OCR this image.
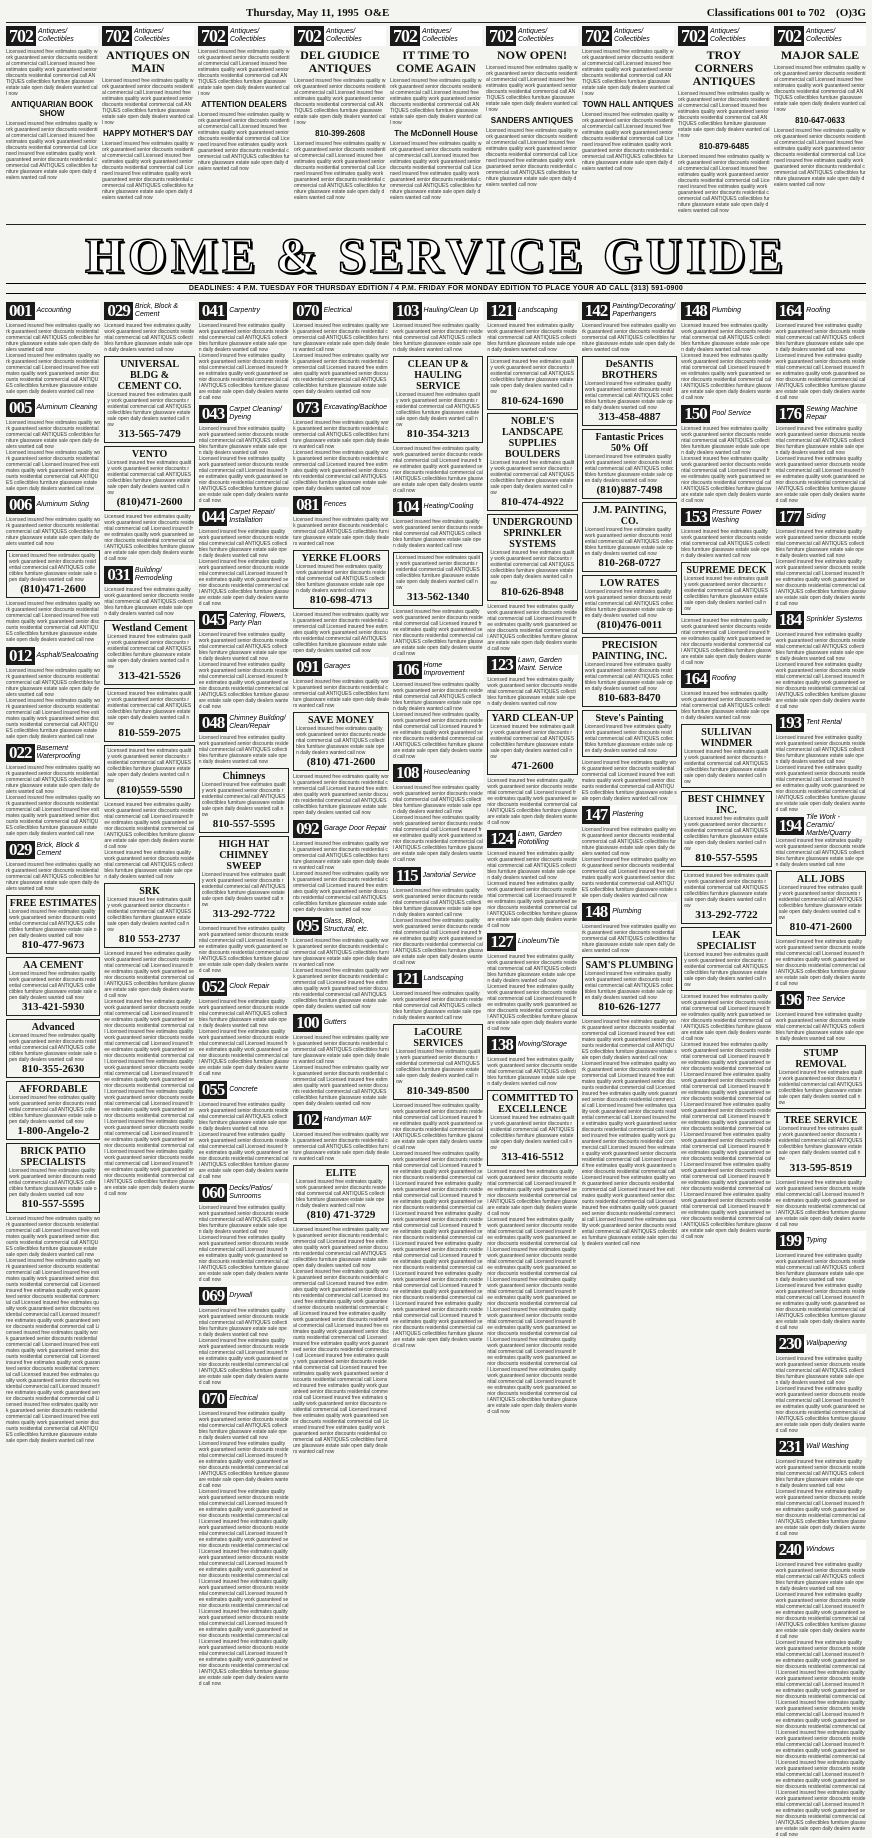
Thursday, May 11, 1995 O&E	Classifications 001 to 702 (O)3G
702 Antiques/ Collectibles
Licensed insured free estimates quality work guaranteed senior discounts residential commercial call Licensed insured free estimates quality work guaranteed senior discounts residential commercial call ANTIQUES collectibles furniture glassware estate sale open daily dealers wanted call now
ANTIQUARIAN BOOK SHOW
Licensed insured free estimates quality work guaranteed senior discounts residential commercial call Licensed insured free estimates quality work guaranteed senior discounts residential commercial call Licensed insured free estimates quality work guaranteed senior discounts residential commercial call ANTIQUES collectibles furniture glassware estate sale open daily dealers wanted call now
702 Antiques/ Collectibles
ANTIQUES ON MAIN
Licensed insured free estimates quality work guaranteed senior discounts residential commercial call Licensed insured free estimates quality work guaranteed senior discounts residential commercial call ANTIQUES collectibles furniture glassware estate sale open daily dealers wanted call now
HAPPY MOTHER'S DAY
Licensed insured free estimates quality work guaranteed senior discounts residential commercial call Licensed insured free estimates quality work guaranteed senior discounts residential commercial call Licensed insured free estimates quality work guaranteed senior discounts residential commercial call ANTIQUES collectibles furniture glassware estate sale open daily dealers wanted call now
702 Antiques/ Collectibles
Licensed insured free estimates quality work guaranteed senior discounts residential commercial call Licensed insured free estimates quality work guaranteed senior discounts residential commercial call ANTIQUES collectibles furniture glassware estate sale open daily dealers wanted call now
ATTENTION DEALERS
Licensed insured free estimates quality work guaranteed senior discounts residential commercial call Licensed insured free estimates quality work guaranteed senior discounts residential commercial call Licensed insured free estimates quality work guaranteed senior discounts residential commercial call ANTIQUES collectibles furniture glassware estate sale open daily dealers wanted call now
702 Antiques/ Collectibles
DEL GIUDICE ANTIQUES
Licensed insured free estimates quality work guaranteed senior discounts residential commercial call Licensed insured free estimates quality work guaranteed senior discounts residential commercial call ANTIQUES collectibles furniture glassware estate sale open daily dealers wanted call now
810-399-2608
Licensed insured free estimates quality work guaranteed senior discounts residential commercial call Licensed insured free estimates quality work guaranteed senior discounts residential commercial call Licensed insured free estimates quality work guaranteed senior discounts residential commercial call ANTIQUES collectibles furniture glassware estate sale open daily dealers wanted call now
702 Antiques/ Collectibles
IT TIME TO COME AGAIN
Licensed insured free estimates quality work guaranteed senior discounts residential commercial call Licensed insured free estimates quality work guaranteed senior discounts residential commercial call ANTIQUES collectibles furniture glassware estate sale open daily dealers wanted call now
The McDonnell House
Licensed insured free estimates quality work guaranteed senior discounts residential commercial call Licensed insured free estimates quality work guaranteed senior discounts residential commercial call Licensed insured free estimates quality work guaranteed senior discounts residential commercial call ANTIQUES collectibles furniture glassware estate sale open daily dealers wanted call now
702 Antiques/ Collectibles
NOW OPEN!
Licensed insured free estimates quality work guaranteed senior discounts residential commercial call Licensed insured free estimates quality work guaranteed senior discounts residential commercial call ANTIQUES collectibles furniture glassware estate sale open daily dealers wanted call now
SANDERS ANTIQUES
Licensed insured free estimates quality work guaranteed senior discounts residential commercial call Licensed insured free estimates quality work guaranteed senior discounts residential commercial call Licensed insured free estimates quality work guaranteed senior discounts residential commercial call ANTIQUES collectibles furniture glassware estate sale open daily dealers wanted call now
702 Antiques/ Collectibles
Licensed insured free estimates quality work guaranteed senior discounts residential commercial call Licensed insured free estimates quality work guaranteed senior discounts residential commercial call ANTIQUES collectibles furniture glassware estate sale open daily dealers wanted call now
TOWN HALL ANTIQUES
Licensed insured free estimates quality work guaranteed senior discounts residential commercial call Licensed insured free estimates quality work guaranteed senior discounts residential commercial call Licensed insured free estimates quality work guaranteed senior discounts residential commercial call ANTIQUES collectibles furniture glassware estate sale open daily dealers wanted call now
702 Antiques/ Collectibles
TROY CORNERS ANTIQUES
Licensed insured free estimates quality work guaranteed senior discounts residential commercial call Licensed insured free estimates quality work guaranteed senior discounts residential commercial call ANTIQUES collectibles furniture glassware estate sale open daily dealers wanted call now
810-879-6485
Licensed insured free estimates quality work guaranteed senior discounts residential commercial call Licensed insured free estimates quality work guaranteed senior discounts residential commercial call Licensed insured free estimates quality work guaranteed senior discounts residential commercial call ANTIQUES collectibles furniture glassware estate sale open daily dealers wanted call now
702 Antiques/ Collectibles
MAJOR SALE
Licensed insured free estimates quality work guaranteed senior discounts residential commercial call Licensed insured free estimates quality work guaranteed senior discounts residential commercial call ANTIQUES collectibles furniture glassware estate sale open daily dealers wanted call now
810-647-0633
Licensed insured free estimates quality work guaranteed senior discounts residential commercial call Licensed insured free estimates quality work guaranteed senior discounts residential commercial call Licensed insured free estimates quality work guaranteed senior discounts residential commercial call ANTIQUES collectibles furniture glassware estate sale open daily dealers wanted call now
HOME & SERVICE GUIDE
DEADLINES: 4 P.M. TUESDAY FOR THURSDAY EDITION / 4 P.M. FRIDAY FOR MONDAY EDITION TO PLACE YOUR AD CALL (313) 591-0900
001 Accounting
Licensed insured free estimates quality work guaranteed senior discounts residential commercial call ANTIQUES collectibles furniture glassware estate sale open daily dealers wanted call now
Licensed insured free estimates quality work guaranteed senior discounts residential commercial call Licensed insured free estimates quality work guaranteed senior discounts residential commercial call ANTIQUES collectibles furniture glassware estate sale open daily dealers wanted call now
005 Aluminum Cleaning
Licensed insured free estimates quality work guaranteed senior discounts residential commercial call ANTIQUES collectibles furniture glassware estate sale open daily dealers wanted call now
Licensed insured free estimates quality work guaranteed senior discounts residential commercial call Licensed insured free estimates quality work guaranteed senior discounts residential commercial call ANTIQUES collectibles furniture glassware estate sale open daily dealers wanted call now
006 Aluminum Siding
Licensed insured free estimates quality work guaranteed senior discounts residential commercial call ANTIQUES collectibles furniture glassware estate sale open daily dealers wanted call now
Licensed insured free estimates quality work guaranteed senior discounts residential commercial call ANTIQUES collectibles furniture glassware estate sale open daily dealers wanted call now
(810)471-2600
Licensed insured free estimates quality work guaranteed senior discounts residential commercial call Licensed insured free estimates quality work guaranteed senior discounts residential commercial call ANTIQUES collectibles furniture glassware estate sale open daily dealers wanted call now
012 Asphalt/Sealcoating
Licensed insured free estimates quality work guaranteed senior discounts residential commercial call ANTIQUES collectibles furniture glassware estate sale open daily dealers wanted call now
Licensed insured free estimates quality work guaranteed senior discounts residential commercial call Licensed insured free estimates quality work guaranteed senior discounts residential commercial call ANTIQUES collectibles furniture glassware estate sale open daily dealers wanted call now
022 Basement Waterproofing
Licensed insured free estimates quality work guaranteed senior discounts residential commercial call ANTIQUES collectibles furniture glassware estate sale open daily dealers wanted call now
Licensed insured free estimates quality work guaranteed senior discounts residential commercial call Licensed insured free estimates quality work guaranteed senior discounts residential commercial call ANTIQUES collectibles furniture glassware estate sale open daily dealers wanted call now
029 Brick, Block & Cement
Licensed insured free estimates quality work guaranteed senior discounts residential commercial call ANTIQUES collectibles furniture glassware estate sale open daily dealers wanted call now
FREE ESTIMATES
Licensed insured free estimates quality work guaranteed senior discounts residential commercial call ANTIQUES collectibles furniture glassware estate sale open daily dealers wanted call now
810-477-9673
AA CEMENT
Licensed insured free estimates quality work guaranteed senior discounts residential commercial call ANTIQUES collectibles furniture glassware estate sale open daily dealers wanted call now
313-421-5930
Advanced
Licensed insured free estimates quality work guaranteed senior discounts residential commercial call ANTIQUES collectibles furniture glassware estate sale open daily dealers wanted call now
810-355-2630
AFFORDABLE
Licensed insured free estimates quality work guaranteed senior discounts residential commercial call ANTIQUES collectibles furniture glassware estate sale open daily dealers wanted call now
1-800-Angelo-2
BRICK PATIO SPECIALISTS
Licensed insured free estimates quality work guaranteed senior discounts residential commercial call ANTIQUES collectibles furniture glassware estate sale open daily dealers wanted call now
810-557-5595
Licensed insured free estimates quality work guaranteed senior discounts residential commercial call Licensed insured free estimates quality work guaranteed senior discounts residential commercial call ANTIQUES collectibles furniture glassware estate sale open daily dealers wanted call now
Licensed insured free estimates quality work guaranteed senior discounts residential commercial call Licensed insured free estimates quality work guaranteed senior discounts residential commercial call Licensed insured free estimates quality work guaranteed senior discounts residential commercial call Licensed insured free estimates quality work guaranteed senior discounts residential commercial call Licensed insured free estimates quality work guaranteed senior discounts residential commercial call Licensed insured free estimates quality work guaranteed senior discounts residential commercial call Licensed insured free estimates quality work guaranteed senior discounts residential commercial call Licensed insured free estimates quality work guaranteed senior discounts residential commercial call Licensed insured free estimates quality work guaranteed senior discounts residential commercial call Licensed insured free estimates quality work guaranteed senior discounts residential commercial call Licensed insured free estimates quality work guaranteed senior discounts residential commercial call Licensed insured free estimates quality work guaranteed senior discounts residential commercial call ANTIQUES collectibles furniture glassware estate sale open daily dealers wanted call now
029 Brick, Block & Cement
Licensed insured free estimates quality work guaranteed senior discounts residential commercial call ANTIQUES collectibles furniture glassware estate sale open daily dealers wanted call now
UNIVERSAL BLDG & CEMENT CO.
Licensed insured free estimates quality work guaranteed senior discounts residential commercial call ANTIQUES collectibles furniture glassware estate sale open daily dealers wanted call now
313-565-7479
VENTO
Licensed insured free estimates quality work guaranteed senior discounts residential commercial call ANTIQUES collectibles furniture glassware estate sale open daily dealers wanted call now
(810)471-2600
Licensed insured free estimates quality work guaranteed senior discounts residential commercial call Licensed insured free estimates quality work guaranteed senior discounts residential commercial call ANTIQUES collectibles furniture glassware estate sale open daily dealers wanted call now
031 Building/ Remodeling
Licensed insured free estimates quality work guaranteed senior discounts residential commercial call ANTIQUES collectibles furniture glassware estate sale open daily dealers wanted call now
Westland Cement
Licensed insured free estimates quality work guaranteed senior discounts residential commercial call ANTIQUES collectibles furniture glassware estate sale open daily dealers wanted call now
313-421-5526
Licensed insured free estimates quality work guaranteed senior discounts residential commercial call ANTIQUES collectibles furniture glassware estate sale open daily dealers wanted call now
810-559-2075
Licensed insured free estimates quality work guaranteed senior discounts residential commercial call ANTIQUES collectibles furniture glassware estate sale open daily dealers wanted call now
(810)559-5590
Licensed insured free estimates quality work guaranteed senior discounts residential commercial call Licensed insured free estimates quality work guaranteed senior discounts residential commercial call ANTIQUES collectibles furniture glassware estate sale open daily dealers wanted call now
Licensed insured free estimates quality work guaranteed senior discounts residential commercial call ANTIQUES collectibles furniture glassware estate sale open daily dealers wanted call now
SRK
Licensed insured free estimates quality work guaranteed senior discounts residential commercial call ANTIQUES collectibles furniture glassware estate sale open daily dealers wanted call now
810 553-2737
Licensed insured free estimates quality work guaranteed senior discounts residential commercial call Licensed insured free estimates quality work guaranteed senior discounts residential commercial call ANTIQUES collectibles furniture glassware estate sale open daily dealers wanted call now
Licensed insured free estimates quality work guaranteed senior discounts residential commercial call Licensed insured free estimates quality work guaranteed senior discounts residential commercial call Licensed insured free estimates quality work guaranteed senior discounts residential commercial call Licensed insured free estimates quality work guaranteed senior discounts residential commercial call Licensed insured free estimates quality work guaranteed senior discounts residential commercial call Licensed insured free estimates quality work guaranteed senior discounts residential commercial call Licensed insured free estimates quality work guaranteed senior discounts residential commercial call Licensed insured free estimates quality work guaranteed senior discounts residential commercial call Licensed insured free estimates quality work guaranteed senior discounts residential commercial call Licensed insured free estimates quality work guaranteed senior discounts residential commercial call Licensed insured free estimates quality work guaranteed senior discounts residential commercial call Licensed insured free estimates quality work guaranteed senior discounts residential commercial call ANTIQUES collectibles furniture glassware estate sale open daily dealers wanted call now
041 Carpentry
Licensed insured free estimates quality work guaranteed senior discounts residential commercial call ANTIQUES collectibles furniture glassware estate sale open daily dealers wanted call now
Licensed insured free estimates quality work guaranteed senior discounts residential commercial call Licensed insured free estimates quality work guaranteed senior discounts residential commercial call ANTIQUES collectibles furniture glassware estate sale open daily dealers wanted call now
043 Carpet Cleaning/ Dyeing
Licensed insured free estimates quality work guaranteed senior discounts residential commercial call ANTIQUES collectibles furniture glassware estate sale open daily dealers wanted call now
Licensed insured free estimates quality work guaranteed senior discounts residential commercial call Licensed insured free estimates quality work guaranteed senior discounts residential commercial call ANTIQUES collectibles furniture glassware estate sale open daily dealers wanted call now
044 Carpet Repair/ Installation
Licensed insured free estimates quality work guaranteed senior discounts residential commercial call ANTIQUES collectibles furniture glassware estate sale open daily dealers wanted call now
Licensed insured free estimates quality work guaranteed senior discounts residential commercial call Licensed insured free estimates quality work guaranteed senior discounts residential commercial call ANTIQUES collectibles furniture glassware estate sale open daily dealers wanted call now
045 Catering, Flowers, Party Plan
Licensed insured free estimates quality work guaranteed senior discounts residential commercial call ANTIQUES collectibles furniture glassware estate sale open daily dealers wanted call now
Licensed insured free estimates quality work guaranteed senior discounts residential commercial call Licensed insured free estimates quality work guaranteed senior discounts residential commercial call ANTIQUES collectibles furniture glassware estate sale open daily dealers wanted call now
048 Chimney Building/ Clean/Repair
Licensed insured free estimates quality work guaranteed senior discounts residential commercial call ANTIQUES collectibles furniture glassware estate sale open daily dealers wanted call now
Chimneys
Licensed insured free estimates quality work guaranteed senior discounts residential commercial call ANTIQUES collectibles furniture glassware estate sale open daily dealers wanted call now
810-557-5595
HIGH HAT CHIMNEY SWEEP
Licensed insured free estimates quality work guaranteed senior discounts residential commercial call ANTIQUES collectibles furniture glassware estate sale open daily dealers wanted call now
313-292-7722
Licensed insured free estimates quality work guaranteed senior discounts residential commercial call Licensed insured free estimates quality work guaranteed senior discounts residential commercial call ANTIQUES collectibles furniture glassware estate sale open daily dealers wanted call now
052 Clock Repair
Licensed insured free estimates quality work guaranteed senior discounts residential commercial call ANTIQUES collectibles furniture glassware estate sale open daily dealers wanted call now
Licensed insured free estimates quality work guaranteed senior discounts residential commercial call Licensed insured free estimates quality work guaranteed senior discounts residential commercial call ANTIQUES collectibles furniture glassware estate sale open daily dealers wanted call now
055 Concrete
Licensed insured free estimates quality work guaranteed senior discounts residential commercial call ANTIQUES collectibles furniture glassware estate sale open daily dealers wanted call now
Licensed insured free estimates quality work guaranteed senior discounts residential commercial call Licensed insured free estimates quality work guaranteed senior discounts residential commercial call ANTIQUES collectibles furniture glassware estate sale open daily dealers wanted call now
060 Decks/Patios/ Sunrooms
Licensed insured free estimates quality work guaranteed senior discounts residential commercial call ANTIQUES collectibles furniture glassware estate sale open daily dealers wanted call now
Licensed insured free estimates quality work guaranteed senior discounts residential commercial call Licensed insured free estimates quality work guaranteed senior discounts residential commercial call ANTIQUES collectibles furniture glassware estate sale open daily dealers wanted call now
069 Drywall
Licensed insured free estimates quality work guaranteed senior discounts residential commercial call ANTIQUES collectibles furniture glassware estate sale open daily dealers wanted call now
Licensed insured free estimates quality work guaranteed senior discounts residential commercial call Licensed insured free estimates quality work guaranteed senior discounts residential commercial call ANTIQUES collectibles furniture glassware estate sale open daily dealers wanted call now
070 Electrical
Licensed insured free estimates quality work guaranteed senior discounts residential commercial call ANTIQUES collectibles furniture glassware estate sale open daily dealers wanted call now
Licensed insured free estimates quality work guaranteed senior discounts residential commercial call Licensed insured free estimates quality work guaranteed senior discounts residential commercial call ANTIQUES collectibles furniture glassware estate sale open daily dealers wanted call now
Licensed insured free estimates quality work guaranteed senior discounts residential commercial call Licensed insured free estimates quality work guaranteed senior discounts residential commercial call Licensed insured free estimates quality work guaranteed senior discounts residential commercial call Licensed insured free estimates quality work guaranteed senior discounts residential commercial call Licensed insured free estimates quality work guaranteed senior discounts residential commercial call Licensed insured free estimates quality work guaranteed senior discounts residential commercial call Licensed insured free estimates quality work guaranteed senior discounts residential commercial call Licensed insured free estimates quality work guaranteed senior discounts residential commercial call Licensed insured free estimates quality work guaranteed senior discounts residential commercial call Licensed insured free estimates quality work guaranteed senior discounts residential commercial call Licensed insured free estimates quality work guaranteed senior discounts residential commercial call Licensed insured free estimates quality work guaranteed senior discounts residential commercial call ANTIQUES collectibles furniture glassware estate sale open daily dealers wanted call now
070 Electrical
Licensed insured free estimates quality work guaranteed senior discounts residential commercial call ANTIQUES collectibles furniture glassware estate sale open daily dealers wanted call now
Licensed insured free estimates quality work guaranteed senior discounts residential commercial call Licensed insured free estimates quality work guaranteed senior discounts residential commercial call ANTIQUES collectibles furniture glassware estate sale open daily dealers wanted call now
073 Excavating/Backhoe
Licensed insured free estimates quality work guaranteed senior discounts residential commercial call ANTIQUES collectibles furniture glassware estate sale open daily dealers wanted call now
Licensed insured free estimates quality work guaranteed senior discounts residential commercial call Licensed insured free estimates quality work guaranteed senior discounts residential commercial call ANTIQUES collectibles furniture glassware estate sale open daily dealers wanted call now
081 Fences
Licensed insured free estimates quality work guaranteed senior discounts residential commercial call ANTIQUES collectibles furniture glassware estate sale open daily dealers wanted call now
YERKE FLOORS
Licensed insured free estimates quality work guaranteed senior discounts residential commercial call ANTIQUES collectibles furniture glassware estate sale open daily dealers wanted call now
810-698-4713
Licensed insured free estimates quality work guaranteed senior discounts residential commercial call Licensed insured free estimates quality work guaranteed senior discounts residential commercial call ANTIQUES collectibles furniture glassware estate sale open daily dealers wanted call now
091 Garages
Licensed insured free estimates quality work guaranteed senior discounts residential commercial call ANTIQUES collectibles furniture glassware estate sale open daily dealers wanted call now
SAVE MONEY
Licensed insured free estimates quality work guaranteed senior discounts residential commercial call ANTIQUES collectibles furniture glassware estate sale open daily dealers wanted call now
(810) 471-2600
Licensed insured free estimates quality work guaranteed senior discounts residential commercial call Licensed insured free estimates quality work guaranteed senior discounts residential commercial call ANTIQUES collectibles furniture glassware estate sale open daily dealers wanted call now
092 Garage Door Repair
Licensed insured free estimates quality work guaranteed senior discounts residential commercial call ANTIQUES collectibles furniture glassware estate sale open daily dealers wanted call now
Licensed insured free estimates quality work guaranteed senior discounts residential commercial call Licensed insured free estimates quality work guaranteed senior discounts residential commercial call ANTIQUES collectibles furniture glassware estate sale open daily dealers wanted call now
095 Glass, Block, Structural, etc.
Licensed insured free estimates quality work guaranteed senior discounts residential commercial call ANTIQUES collectibles furniture glassware estate sale open daily dealers wanted call now
Licensed insured free estimates quality work guaranteed senior discounts residential commercial call Licensed insured free estimates quality work guaranteed senior discounts residential commercial call ANTIQUES collectibles furniture glassware estate sale open daily dealers wanted call now
100 Gutters
Licensed insured free estimates quality work guaranteed senior discounts residential commercial call ANTIQUES collectibles furniture glassware estate sale open daily dealers wanted call now
Licensed insured free estimates quality work guaranteed senior discounts residential commercial call Licensed insured free estimates quality work guaranteed senior discounts residential commercial call ANTIQUES collectibles furniture glassware estate sale open daily dealers wanted call now
102 Handyman M/F
Licensed insured free estimates quality work guaranteed senior discounts residential commercial call ANTIQUES collectibles furniture glassware estate sale open daily dealers wanted call now
ELITE
Licensed insured free estimates quality work guaranteed senior discounts residential commercial call ANTIQUES collectibles furniture glassware estate sale open daily dealers wanted call now
(810) 471-3729
Licensed insured free estimates quality work guaranteed senior discounts residential commercial call Licensed insured free estimates quality work guaranteed senior discounts residential commercial call ANTIQUES collectibles furniture glassware estate sale open daily dealers wanted call now
Licensed insured free estimates quality work guaranteed senior discounts residential commercial call Licensed insured free estimates quality work guaranteed senior discounts residential commercial call Licensed insured free estimates quality work guaranteed senior discounts residential commercial call Licensed insured free estimates quality work guaranteed senior discounts residential commercial call Licensed insured free estimates quality work guaranteed senior discounts residential commercial call Licensed insured free estimates quality work guaranteed senior discounts residential commercial call Licensed insured free estimates quality work guaranteed senior discounts residential commercial call Licensed insured free estimates quality work guaranteed senior discounts residential commercial call Licensed insured free estimates quality work guaranteed senior discounts residential commercial call Licensed insured free estimates quality work guaranteed senior discounts residential commercial call Licensed insured free estimates quality work guaranteed senior discounts residential commercial call Licensed insured free estimates quality work guaranteed senior discounts residential commercial call ANTIQUES collectibles furniture glassware estate sale open daily dealers wanted call now
103 Hauling/Clean Up
Licensed insured free estimates quality work guaranteed senior discounts residential commercial call ANTIQUES collectibles furniture glassware estate sale open daily dealers wanted call now
CLEAN UP & HAULING SERVICE
Licensed insured free estimates quality work guaranteed senior discounts residential commercial call ANTIQUES collectibles furniture glassware estate sale open daily dealers wanted call now
810-354-3213
Licensed insured free estimates quality work guaranteed senior discounts residential commercial call Licensed insured free estimates quality work guaranteed senior discounts residential commercial call ANTIQUES collectibles furniture glassware estate sale open daily dealers wanted call now
104 Heating/Cooling
Licensed insured free estimates quality work guaranteed senior discounts residential commercial call ANTIQUES collectibles furniture glassware estate sale open daily dealers wanted call now
Licensed insured free estimates quality work guaranteed senior discounts residential commercial call ANTIQUES collectibles furniture glassware estate sale open daily dealers wanted call now
313-562-1340
Licensed insured free estimates quality work guaranteed senior discounts residential commercial call Licensed insured free estimates quality work guaranteed senior discounts residential commercial call ANTIQUES collectibles furniture glassware estate sale open daily dealers wanted call now
106 Home Improvement
Licensed insured free estimates quality work guaranteed senior discounts residential commercial call ANTIQUES collectibles furniture glassware estate sale open daily dealers wanted call now
Licensed insured free estimates quality work guaranteed senior discounts residential commercial call Licensed insured free estimates quality work guaranteed senior discounts residential commercial call ANTIQUES collectibles furniture glassware estate sale open daily dealers wanted call now
108 Housecleaning
Licensed insured free estimates quality work guaranteed senior discounts residential commercial call ANTIQUES collectibles furniture glassware estate sale open daily dealers wanted call now
Licensed insured free estimates quality work guaranteed senior discounts residential commercial call Licensed insured free estimates quality work guaranteed senior discounts residential commercial call ANTIQUES collectibles furniture glassware estate sale open daily dealers wanted call now
115 Janitorial Service
Licensed insured free estimates quality work guaranteed senior discounts residential commercial call ANTIQUES collectibles furniture glassware estate sale open daily dealers wanted call now
Licensed insured free estimates quality work guaranteed senior discounts residential commercial call Licensed insured free estimates quality work guaranteed senior discounts residential commercial call ANTIQUES collectibles furniture glassware estate sale open daily dealers wanted call now
121 Landscaping
Licensed insured free estimates quality work guaranteed senior discounts residential commercial call ANTIQUES collectibles furniture glassware estate sale open daily dealers wanted call now
LaCOURE SERVICES
Licensed insured free estimates quality work guaranteed senior discounts residential commercial call ANTIQUES collectibles furniture glassware estate sale open daily dealers wanted call now
810-349-8500
Licensed insured free estimates quality work guaranteed senior discounts residential commercial call Licensed insured free estimates quality work guaranteed senior discounts residential commercial call ANTIQUES collectibles furniture glassware estate sale open daily dealers wanted call now
Licensed insured free estimates quality work guaranteed senior discounts residential commercial call Licensed insured free estimates quality work guaranteed senior discounts residential commercial call Licensed insured free estimates quality work guaranteed senior discounts residential commercial call Licensed insured free estimates quality work guaranteed senior discounts residential commercial call Licensed insured free estimates quality work guaranteed senior discounts residential commercial call Licensed insured free estimates quality work guaranteed senior discounts residential commercial call Licensed insured free estimates quality work guaranteed senior discounts residential commercial call Licensed insured free estimates quality work guaranteed senior discounts residential commercial call Licensed insured free estimates quality work guaranteed senior discounts residential commercial call Licensed insured free estimates quality work guaranteed senior discounts residential commercial call Licensed insured free estimates quality work guaranteed senior discounts residential commercial call Licensed insured free estimates quality work guaranteed senior discounts residential commercial call ANTIQUES collectibles furniture glassware estate sale open daily dealers wanted call now
121 Landscaping
Licensed insured free estimates quality work guaranteed senior discounts residential commercial call ANTIQUES collectibles furniture glassware estate sale open daily dealers wanted call now
Licensed insured free estimates quality work guaranteed senior discounts residential commercial call ANTIQUES collectibles furniture glassware estate sale open daily dealers wanted call now
810-624-1690
NOBLE'S LANDSCAPE SUPPLIES BOULDERS
Licensed insured free estimates quality work guaranteed senior discounts residential commercial call ANTIQUES collectibles furniture glassware estate sale open daily dealers wanted call now
810-474-4922
UNDERGROUND SPRINKLER SYSTEMS
Licensed insured free estimates quality work guaranteed senior discounts residential commercial call ANTIQUES collectibles furniture glassware estate sale open daily dealers wanted call now
810-626-8948
Licensed insured free estimates quality work guaranteed senior discounts residential commercial call Licensed insured free estimates quality work guaranteed senior discounts residential commercial call ANTIQUES collectibles furniture glassware estate sale open daily dealers wanted call now
123 Lawn, Garden Maint. Service
Licensed insured free estimates quality work guaranteed senior discounts residential commercial call ANTIQUES collectibles furniture glassware estate sale open daily dealers wanted call now
YARD CLEAN-UP
Licensed insured free estimates quality work guaranteed senior discounts residential commercial call ANTIQUES collectibles furniture glassware estate sale open daily dealers wanted call now
471-2600
Licensed insured free estimates quality work guaranteed senior discounts residential commercial call Licensed insured free estimates quality work guaranteed senior discounts residential commercial call ANTIQUES collectibles furniture glassware estate sale open daily dealers wanted call now
124 Lawn, Garden Rototilling
Licensed insured free estimates quality work guaranteed senior discounts residential commercial call ANTIQUES collectibles furniture glassware estate sale open daily dealers wanted call now
Licensed insured free estimates quality work guaranteed senior discounts residential commercial call Licensed insured free estimates quality work guaranteed senior discounts residential commercial call ANTIQUES collectibles furniture glassware estate sale open daily dealers wanted call now
127 Linoleum/Tile
Licensed insured free estimates quality work guaranteed senior discounts residential commercial call ANTIQUES collectibles furniture glassware estate sale open daily dealers wanted call now
Licensed insured free estimates quality work guaranteed senior discounts residential commercial call Licensed insured free estimates quality work guaranteed senior discounts residential commercial call ANTIQUES collectibles furniture glassware estate sale open daily dealers wanted call now
138 Moving/Storage
Licensed insured free estimates quality work guaranteed senior discounts residential commercial call ANTIQUES collectibles furniture glassware estate sale open daily dealers wanted call now
COMMITTED TO EXCELLENCE
Licensed insured free estimates quality work guaranteed senior discounts residential commercial call ANTIQUES collectibles furniture glassware estate sale open daily dealers wanted call now
313-416-5512
Licensed insured free estimates quality work guaranteed senior discounts residential commercial call Licensed insured free estimates quality work guaranteed senior discounts residential commercial call ANTIQUES collectibles furniture glassware estate sale open daily dealers wanted call now
Licensed insured free estimates quality work guaranteed senior discounts residential commercial call Licensed insured free estimates quality work guaranteed senior discounts residential commercial call Licensed insured free estimates quality work guaranteed senior discounts residential commercial call Licensed insured free estimates quality work guaranteed senior discounts residential commercial call Licensed insured free estimates quality work guaranteed senior discounts residential commercial call Licensed insured free estimates quality work guaranteed senior discounts residential commercial call Licensed insured free estimates quality work guaranteed senior discounts residential commercial call Licensed insured free estimates quality work guaranteed senior discounts residential commercial call Licensed insured free estimates quality work guaranteed senior discounts residential commercial call Licensed insured free estimates quality work guaranteed senior discounts residential commercial call Licensed insured free estimates quality work guaranteed senior discounts residential commercial call Licensed insured free estimates quality work guaranteed senior discounts residential commercial call ANTIQUES collectibles furniture glassware estate sale open daily dealers wanted call now
142 Painting/Decorating/ Paperhangers
Licensed insured free estimates quality work guaranteed senior discounts residential commercial call ANTIQUES collectibles furniture glassware estate sale open daily dealers wanted call now
DeSANTIS BROTHERS
Licensed insured free estimates quality work guaranteed senior discounts residential commercial call ANTIQUES collectibles furniture glassware estate sale open daily dealers wanted call now
313-458-4887
Fantastic Prices 50% Off
Licensed insured free estimates quality work guaranteed senior discounts residential commercial call ANTIQUES collectibles furniture glassware estate sale open daily dealers wanted call now
(810)887-7498
J.M. PAINTING, CO.
Licensed insured free estimates quality work guaranteed senior discounts residential commercial call ANTIQUES collectibles furniture glassware estate sale open daily dealers wanted call now
810-268-0727
LOW RATES
Licensed insured free estimates quality work guaranteed senior discounts residential commercial call ANTIQUES collectibles furniture glassware estate sale open daily dealers wanted call now
(810)476-0011
PRECISION PAINTING, INC.
Licensed insured free estimates quality work guaranteed senior discounts residential commercial call ANTIQUES collectibles furniture glassware estate sale open daily dealers wanted call now
810-683-8470
Steve's Painting
Licensed insured free estimates quality work guaranteed senior discounts residential commercial call ANTIQUES collectibles furniture glassware estate sale open daily dealers wanted call now
Licensed insured free estimates quality work guaranteed senior discounts residential commercial call Licensed insured free estimates quality work guaranteed senior discounts residential commercial call ANTIQUES collectibles furniture glassware estate sale open daily dealers wanted call now
147 Plastering
Licensed insured free estimates quality work guaranteed senior discounts residential commercial call ANTIQUES collectibles furniture glassware estate sale open daily dealers wanted call now
Licensed insured free estimates quality work guaranteed senior discounts residential commercial call Licensed insured free estimates quality work guaranteed senior discounts residential commercial call ANTIQUES collectibles furniture glassware estate sale open daily dealers wanted call now
148 Plumbing
Licensed insured free estimates quality work guaranteed senior discounts residential commercial call ANTIQUES collectibles furniture glassware estate sale open daily dealers wanted call now
SAM'S PLUMBING
Licensed insured free estimates quality work guaranteed senior discounts residential commercial call ANTIQUES collectibles furniture glassware estate sale open daily dealers wanted call now
810-626-1277
Licensed insured free estimates quality work guaranteed senior discounts residential commercial call Licensed insured free estimates quality work guaranteed senior discounts residential commercial call ANTIQUES collectibles furniture glassware estate sale open daily dealers wanted call now
Licensed insured free estimates quality work guaranteed senior discounts residential commercial call Licensed insured free estimates quality work guaranteed senior discounts residential commercial call Licensed insured free estimates quality work guaranteed senior discounts residential commercial call Licensed insured free estimates quality work guaranteed senior discounts residential commercial call Licensed insured free estimates quality work guaranteed senior discounts residential commercial call Licensed insured free estimates quality work guaranteed senior discounts residential commercial call Licensed insured free estimates quality work guaranteed senior discounts residential commercial call Licensed insured free estimates quality work guaranteed senior discounts residential commercial call Licensed insured free estimates quality work guaranteed senior discounts residential commercial call Licensed insured free estimates quality work guaranteed senior discounts residential commercial call Licensed insured free estimates quality work guaranteed senior discounts residential commercial call Licensed insured free estimates quality work guaranteed senior discounts residential commercial call ANTIQUES collectibles furniture glassware estate sale open daily dealers wanted call now
148 Plumbing
Licensed insured free estimates quality work guaranteed senior discounts residential commercial call ANTIQUES collectibles furniture glassware estate sale open daily dealers wanted call now
Licensed insured free estimates quality work guaranteed senior discounts residential commercial call Licensed insured free estimates quality work guaranteed senior discounts residential commercial call ANTIQUES collectibles furniture glassware estate sale open daily dealers wanted call now
150 Pool Service
Licensed insured free estimates quality work guaranteed senior discounts residential commercial call ANTIQUES collectibles furniture glassware estate sale open daily dealers wanted call now
Licensed insured free estimates quality work guaranteed senior discounts residential commercial call Licensed insured free estimates quality work guaranteed senior discounts residential commercial call ANTIQUES collectibles furniture glassware estate sale open daily dealers wanted call now
153 Pressure Power Washing
Licensed insured free estimates quality work guaranteed senior discounts residential commercial call ANTIQUES collectibles furniture glassware estate sale open daily dealers wanted call now
SUPREME DECK
Licensed insured free estimates quality work guaranteed senior discounts residential commercial call ANTIQUES collectibles furniture glassware estate sale open daily dealers wanted call now
Licensed insured free estimates quality work guaranteed senior discounts residential commercial call Licensed insured free estimates quality work guaranteed senior discounts residential commercial call ANTIQUES collectibles furniture glassware estate sale open daily dealers wanted call now
164 Roofing
Licensed insured free estimates quality work guaranteed senior discounts residential commercial call ANTIQUES collectibles furniture glassware estate sale open daily dealers wanted call now
SULLIVAN WINDMER
Licensed insured free estimates quality work guaranteed senior discounts residential commercial call ANTIQUES collectibles furniture glassware estate sale open daily dealers wanted call now
BEST CHIMNEY INC.
Licensed insured free estimates quality work guaranteed senior discounts residential commercial call ANTIQUES collectibles furniture glassware estate sale open daily dealers wanted call now
810-557-5595
Licensed insured free estimates quality work guaranteed senior discounts residential commercial call ANTIQUES collectibles furniture glassware estate sale open daily dealers wanted call now
313-292-7722
LEAK SPECIALIST
Licensed insured free estimates quality work guaranteed senior discounts residential commercial call ANTIQUES collectibles furniture glassware estate sale open daily dealers wanted call now
Licensed insured free estimates quality work guaranteed senior discounts residential commercial call Licensed insured free estimates quality work guaranteed senior discounts residential commercial call ANTIQUES collectibles furniture glassware estate sale open daily dealers wanted call now
Licensed insured free estimates quality work guaranteed senior discounts residential commercial call Licensed insured free estimates quality work guaranteed senior discounts residential commercial call Licensed insured free estimates quality work guaranteed senior discounts residential commercial call Licensed insured free estimates quality work guaranteed senior discounts residential commercial call Licensed insured free estimates quality work guaranteed senior discounts residential commercial call Licensed insured free estimates quality work guaranteed senior discounts residential commercial call Licensed insured free estimates quality work guaranteed senior discounts residential commercial call Licensed insured free estimates quality work guaranteed senior discounts residential commercial call Licensed insured free estimates quality work guaranteed senior discounts residential commercial call Licensed insured free estimates quality work guaranteed senior discounts residential commercial call Licensed insured free estimates quality work guaranteed senior discounts residential commercial call Licensed insured free estimates quality work guaranteed senior discounts residential commercial call ANTIQUES collectibles furniture glassware estate sale open daily dealers wanted call now
164 Roofing
Licensed insured free estimates quality work guaranteed senior discounts residential commercial call ANTIQUES collectibles furniture glassware estate sale open daily dealers wanted call now
Licensed insured free estimates quality work guaranteed senior discounts residential commercial call Licensed insured free estimates quality work guaranteed senior discounts residential commercial call ANTIQUES collectibles furniture glassware estate sale open daily dealers wanted call now
176 Sewing Machine Repair
Licensed insured free estimates quality work guaranteed senior discounts residential commercial call ANTIQUES collectibles furniture glassware estate sale open daily dealers wanted call now
Licensed insured free estimates quality work guaranteed senior discounts residential commercial call Licensed insured free estimates quality work guaranteed senior discounts residential commercial call ANTIQUES collectibles furniture glassware estate sale open daily dealers wanted call now
177 Siding
Licensed insured free estimates quality work guaranteed senior discounts residential commercial call ANTIQUES collectibles furniture glassware estate sale open daily dealers wanted call now
Licensed insured free estimates quality work guaranteed senior discounts residential commercial call Licensed insured free estimates quality work guaranteed senior discounts residential commercial call ANTIQUES collectibles furniture glassware estate sale open daily dealers wanted call now
184 Sprinkler Systems
Licensed insured free estimates quality work guaranteed senior discounts residential commercial call ANTIQUES collectibles furniture glassware estate sale open daily dealers wanted call now
Licensed insured free estimates quality work guaranteed senior discounts residential commercial call Licensed insured free estimates quality work guaranteed senior discounts residential commercial call ANTIQUES collectibles furniture glassware estate sale open daily dealers wanted call now
193 Tent Rental
Licensed insured free estimates quality work guaranteed senior discounts residential commercial call ANTIQUES collectibles furniture glassware estate sale open daily dealers wanted call now
Licensed insured free estimates quality work guaranteed senior discounts residential commercial call Licensed insured free estimates quality work guaranteed senior discounts residential commercial call ANTIQUES collectibles furniture glassware estate sale open daily dealers wanted call now
194 Tile Work - Ceramic/ Marble/Quarry
Licensed insured free estimates quality work guaranteed senior discounts residential commercial call ANTIQUES collectibles furniture glassware estate sale open daily dealers wanted call now
ALL JOBS
Licensed insured free estimates quality work guaranteed senior discounts residential commercial call ANTIQUES collectibles furniture glassware estate sale open daily dealers wanted call now
810-471-2600
Licensed insured free estimates quality work guaranteed senior discounts residential commercial call Licensed insured free estimates quality work guaranteed senior discounts residential commercial call ANTIQUES collectibles furniture glassware estate sale open daily dealers wanted call now
196 Tree Service
Licensed insured free estimates quality work guaranteed senior discounts residential commercial call ANTIQUES collectibles furniture glassware estate sale open daily dealers wanted call now
STUMP REMOVAL
Licensed insured free estimates quality work guaranteed senior discounts residential commercial call ANTIQUES collectibles furniture glassware estate sale open daily dealers wanted call now
TREE SERVICE
Licensed insured free estimates quality work guaranteed senior discounts residential commercial call ANTIQUES collectibles furniture glassware estate sale open daily dealers wanted call now
313-595-8519
Licensed insured free estimates quality work guaranteed senior discounts residential commercial call Licensed insured free estimates quality work guaranteed senior discounts residential commercial call ANTIQUES collectibles furniture glassware estate sale open daily dealers wanted call now
199 Typing
Licensed insured free estimates quality work guaranteed senior discounts residential commercial call ANTIQUES collectibles furniture glassware estate sale open daily dealers wanted call now
Licensed insured free estimates quality work guaranteed senior discounts residential commercial call Licensed insured free estimates quality work guaranteed senior discounts residential commercial call ANTIQUES collectibles furniture glassware estate sale open daily dealers wanted call now
230 Wallpapering
Licensed insured free estimates quality work guaranteed senior discounts residential commercial call ANTIQUES collectibles furniture glassware estate sale open daily dealers wanted call now
Licensed insured free estimates quality work guaranteed senior discounts residential commercial call Licensed insured free estimates quality work guaranteed senior discounts residential commercial call ANTIQUES collectibles furniture glassware estate sale open daily dealers wanted call now
231 Wall Washing
Licensed insured free estimates quality work guaranteed senior discounts residential commercial call ANTIQUES collectibles furniture glassware estate sale open daily dealers wanted call now
Licensed insured free estimates quality work guaranteed senior discounts residential commercial call Licensed insured free estimates quality work guaranteed senior discounts residential commercial call ANTIQUES collectibles furniture glassware estate sale open daily dealers wanted call now
240 Windows
Licensed insured free estimates quality work guaranteed senior discounts residential commercial call ANTIQUES collectibles furniture glassware estate sale open daily dealers wanted call now
Licensed insured free estimates quality work guaranteed senior discounts residential commercial call Licensed insured free estimates quality work guaranteed senior discounts residential commercial call ANTIQUES collectibles furniture glassware estate sale open daily dealers wanted call now
Licensed insured free estimates quality work guaranteed senior discounts residential commercial call Licensed insured free estimates quality work guaranteed senior discounts residential commercial call Licensed insured free estimates quality work guaranteed senior discounts residential commercial call Licensed insured free estimates quality work guaranteed senior discounts residential commercial call Licensed insured free estimates quality work guaranteed senior discounts residential commercial call Licensed insured free estimates quality work guaranteed senior discounts residential commercial call Licensed insured free estimates quality work guaranteed senior discounts residential commercial call Licensed insured free estimates quality work guaranteed senior discounts residential commercial call Licensed insured free estimates quality work guaranteed senior discounts residential commercial call Licensed insured free estimates quality work guaranteed senior discounts residential commercial call Licensed insured free estimates quality work guaranteed senior discounts residential commercial call Licensed insured free estimates quality work guaranteed senior discounts residential commercial call ANTIQUES collectibles furniture glassware estate sale open daily dealers wanted call now
